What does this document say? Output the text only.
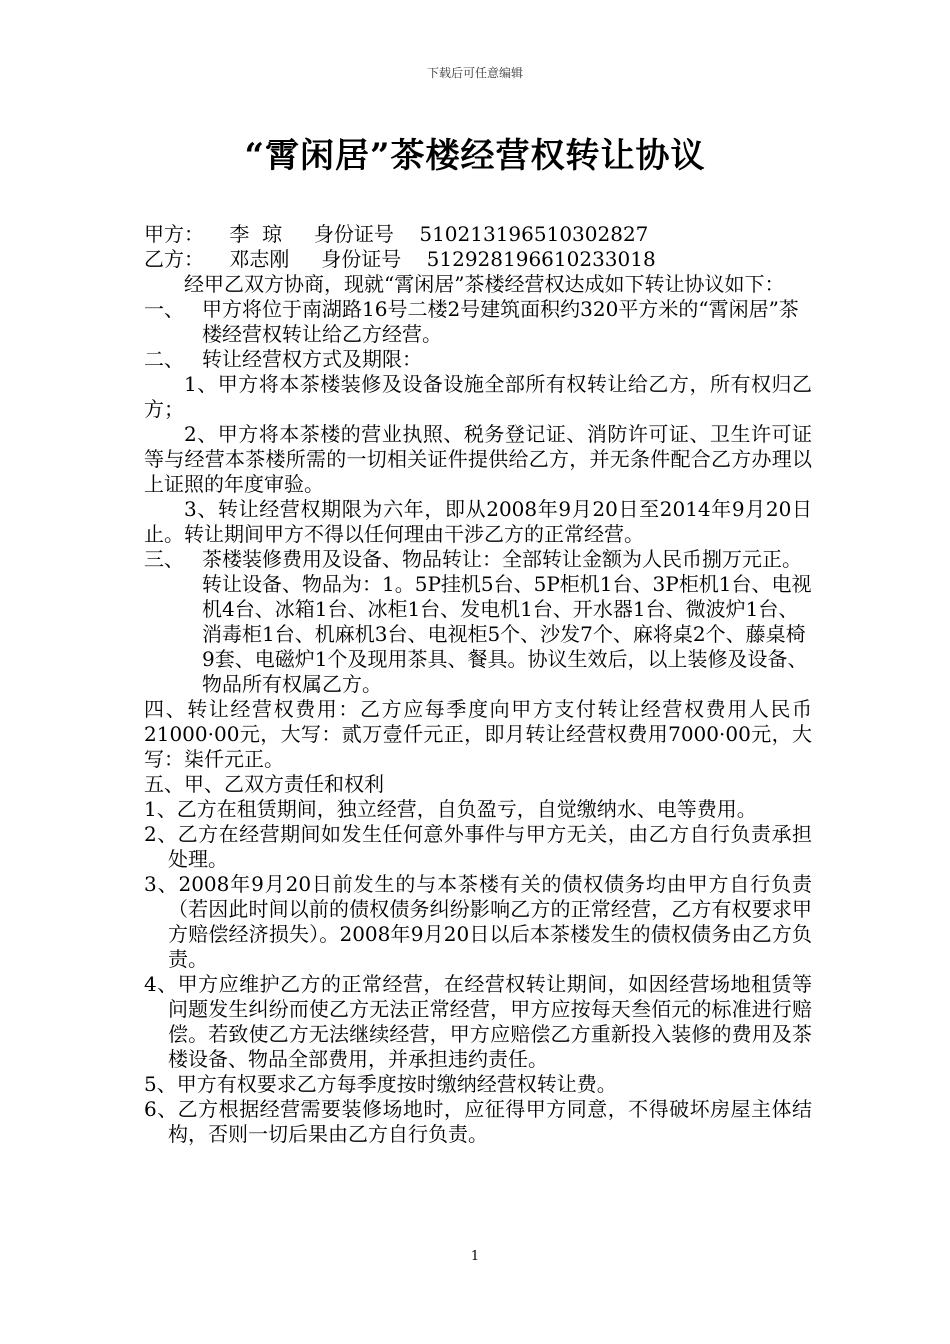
下载后可任意编辑
“霄闲居”茶楼经营权转让协议

甲方：    李  琼     身份证号    510213196510302827

乙方：    邓志刚     身份证号    512928196610233018

经甲乙双方协商，现就“霄闲居”茶楼经营权达成如下转让协议如下：

一、 甲方将位于南湖路16号二楼2号建筑面积约320平方米的“霄闲居”茶楼经营权转让给乙方经营。
二、 转让经营权方式及期限：

1、甲方将本茶楼装修及设备设施全部所有权转让给乙方，所有权归乙方；

2、甲方将本茶楼的营业执照、税务登记证、消防许可证、卫生许可证等与经营本茶楼所需的一切相关证件提供给乙方，并无条件配合乙方办理以上证照的年度审验。

3、转让经营权期限为六年，即从2008年9月20日至2014年9月20日止。转让期间甲方不得以任何理由干涉乙方的正常经营。

三、 茶楼装修费用及设备、物品转让：全部转让金额为人民币捌万元正。转让设备、物品为：1。5P挂机5台、5P柜机1台、3P柜机1台、电视机4台、冰箱1台、冰柜1台、发电机1台、开水器1台、微波炉1台、消毒柜1台、机麻机3台、电视柜5个、沙发7个、麻将桌2个、藤桌椅9套、电磁炉1个及现用茶具、餐具。协议生效后，以上装修及设备、物品所有权属乙方。

四、转让经营权费用：乙方应每季度向甲方支付转让经营权费用人民币21000·00元，大写：贰万壹仟元正，即月转让经营权费用7000·00元，大写：柒仟元正。

五、甲、乙双方责任和权利

1、乙方在租赁期间，独立经营，自负盈亏，自觉缴纳水、电等费用。

2、乙方在经营期间如发生任何意外事件与甲方无关，由乙方自行负责承担处理。

3、2008年9月20日前发生的与本茶楼有关的债权债务均由甲方自行负责（若因此时间以前的债权债务纠纷影响乙方的正常经营，乙方有权要求甲方赔偿经济损失）。2008年9月20日以后本茶楼发生的债权债务由乙方负责。

4、甲方应维护乙方的正常经营，在经营权转让期间，如因经营场地租赁等问题发生纠纷而使乙方无法正常经营，甲方应按每天叁佰元的标准进行赔偿。若致使乙方无法继续经营，甲方应赔偿乙方重新投入装修的费用及茶楼设备、物品全部费用，并承担违约责任。

5、甲方有权要求乙方每季度按时缴纳经营权转让费。

6、乙方根据经营需要装修场地时，应征得甲方同意，不得破坏房屋主体结构，否则一切后果由乙方自行负责。

1
